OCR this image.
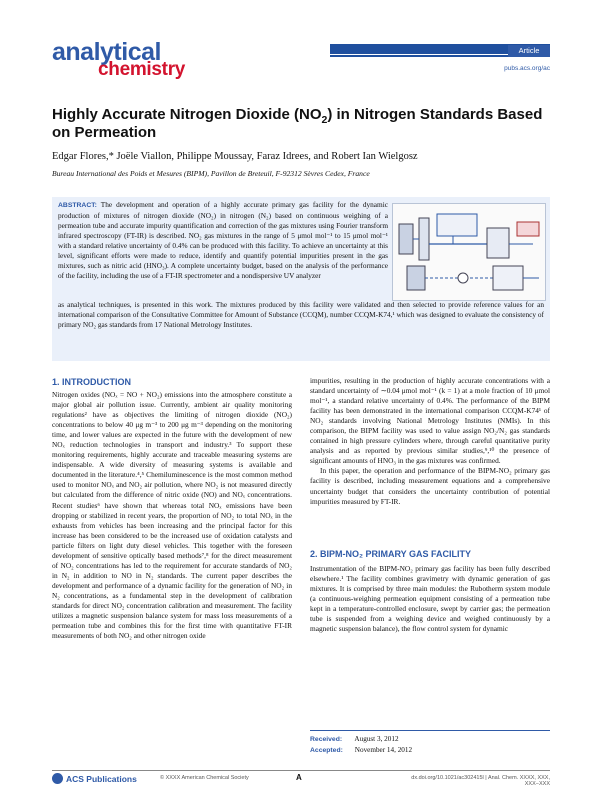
analytical
chemistry
Article
pubs.acs.org/ac
Highly Accurate Nitrogen Dioxide $(NO_2)$ in Nitrogen Standards Based on Permeation
Edgar Flores,* Joële Viallon, Philippe Moussay, Faraz Idrees, and Robert Ian Wielgosz
Bureau International des Poids et Mesures (BIPM), Pavillon de Breteuil, F-92312 Sèvres Cedex, France
ABSTRACT: The development and operation of a highly accurate primary gas facility for the dynamic production of mixtures of nitrogen dioxide (NO₂) in nitrogen (N₂) based on continuous weighing of a permeation tube and accurate impurity quantification and correction of the gas mixtures using Fourier transform infrared spectroscopy (FT-IR) is described. NO₂ gas mixtures in the range of 5 μmol mol⁻¹ to 15 μmol mol⁻¹ with a standard relative uncertainty of 0.4% can be produced with this facility. To achieve an uncertainty at this level, significant efforts were made to reduce, identify and quantify potential impurities present in the gas mixtures, such as nitric acid (HNO₃). A complete uncertainty budget, based on the analysis of the performance of the facility, including the use of a FT-IR spectrometer and a nondispersive UV analyzer
as analytical techniques, is presented in this work. The mixtures produced by this facility were validated and then selected to provide reference values for an international comparison of the Consultative Committee for Amount of Substance (CCQM), number CCQM-K74,¹ which was designed to evaluate the consistency of primary NO₂ gas standards from 17 National Metrology Institutes.
1. INTRODUCTION
Nitrogen oxides (NOₓ = NO + NO₂) emissions into the atmosphere constitute a major global air pollution issue. Currently, ambient air quality monitoring regulations² have as objectives the limiting of nitrogen dioxide (NO₂) concentrations to below 40 μg m⁻³ to 200 μg m⁻³ depending on the monitoring time, and lower values are expected in the future with the development of new NOₓ reduction technologies in transport and industry.³ To support these monitoring requirements, highly accurate and traceable measuring systems are indispensable. A wide diversity of measuring systems is available and documented in the literature.⁴,⁵ Chemiluminescence is the most common method used to monitor NOₓ and NO₂ air pollution, where NO₂ is not measured directly but calculated from the difference of nitric oxide (NO) and NOₓ concentrations. Recent studies⁶ have shown that whereas total NOₓ emissions have been dropping or stabilized in recent years, the proportion of NO₂ to total NOₓ in the exhausts from vehicles has been increasing and the principal factor for this increase has been considered to be the increased use of oxidation catalysts and particle filters on light duty diesel vehicles. This together with the foreseen development of sensitive optically based methods⁷,⁸ for the direct measurement of NO₂ concentrations has led to the requirement for accurate standards of NO₂ in N₂ in addition to NO in N₂ standards. The current paper describes the development and performance of a dynamic facility for the generation of NO₂ in N₂ concentrations, as a fundamental step in the development of calibration standards for direct NO₂ concentration calibration and measurement. The facility utilizes a magnetic suspension balance system for mass loss measurements of a permeation tube and combines this for the first time with quantitative FT-IR measurements of both NO₂ and other nitrogen oxide
impurities, resulting in the production of highly accurate concentrations with a standard uncertainty of ∼0.04 μmol mol⁻¹ (k = 1) at a mole fraction of 10 μmol mol⁻¹, a standard relative uncertainty of 0.4%. The performance of the BIPM facility has been demonstrated in the international comparison CCQM-K74¹ of NO₂ standards involving National Metrology Institutes (NMIs). In this comparison, the BIPM facility was used to value assign NO₂/N₂ gas standards contained in high pressure cylinders where, through careful quantitative purity analysis and as reported by previous similar studies,⁹,¹⁰ the presence of significant amounts of HNO₃ in the gas mixtures was confirmed.
In this paper, the operation and performance of the BIPM-NO₂ primary gas facility is described, including measurement equations and a comprehensive uncertainty budget that considers the uncertainty contribution of potential impurities measured by FT-IR.
2. BIPM-NO₂ PRIMARY GAS FACILITY
Instrumentation of the BIPM-NO₂ primary gas facility has been fully described elsewhere.¹ The facility combines gravimetry with dynamic generation of gas mixtures. It is comprised by three main modules: the Rubotherm system module (a continuous-weighing permeation equipment consisting of a permeation tube kept in a temperature-controlled enclosure, swept by carrier gas; the permeation tube is suspended from a weighing device and weighed continuously by a magnetic suspension balance), the flow control system for dynamic
Received: August 3, 2012
Accepted: November 14, 2012
ACS Publications	© XXXX American Chemical Society	A	dx.doi.org/10.1021/ac302415l | Anal. Chem. XXXX, XXX, XXX−XXX
